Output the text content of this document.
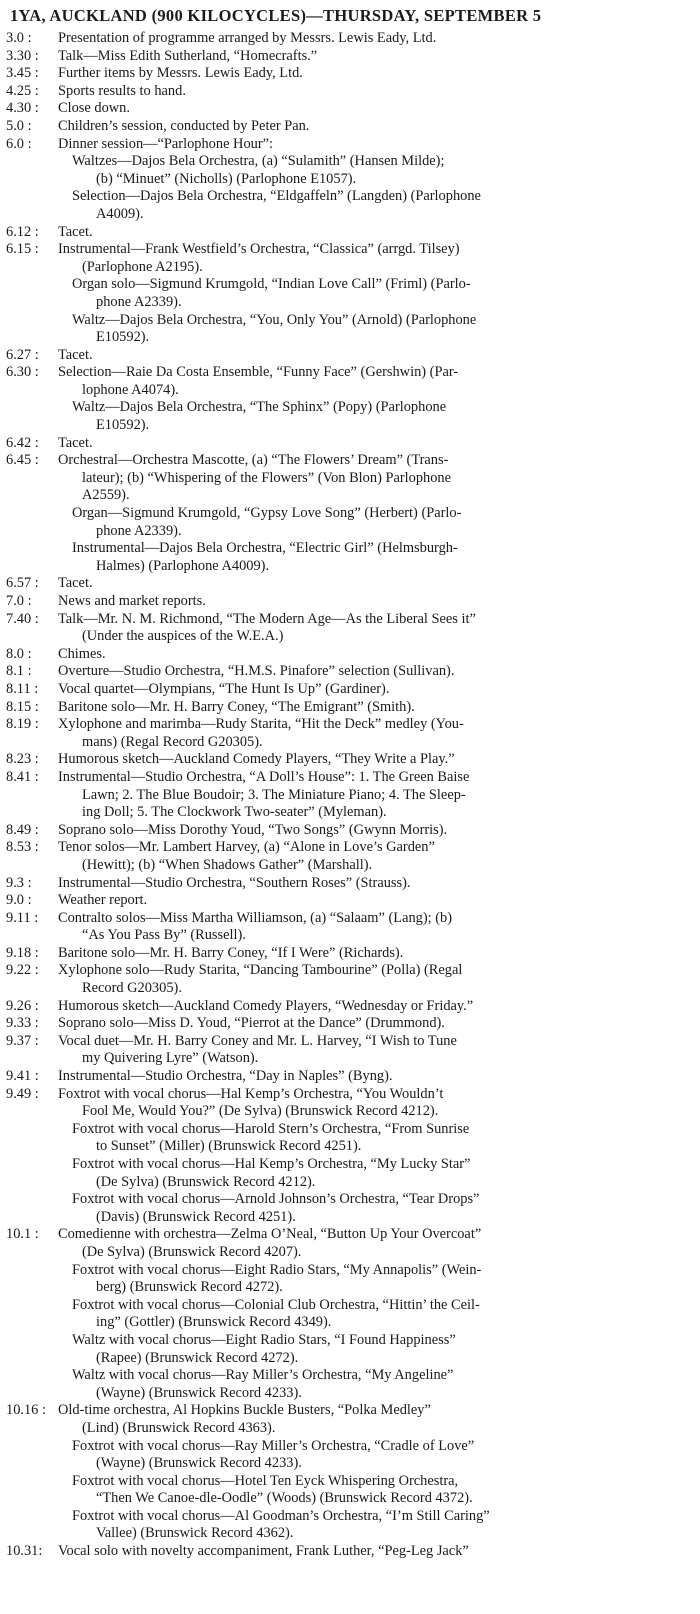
1YA, AUCKLAND (900 KILOCYCLES)—THURSDAY, SEPTEMBER 5
3.0 :	Presentation of programme arranged by Messrs. Lewis Eady, Ltd.
3.30 :	Talk—Miss Edith Sutherland, “Homecrafts.”
3.45 :	Further items by Messrs. Lewis Eady, Ltd.
4.25 :	Sports results to hand.
4.30 :	Close down.
5.0 :	Children’s session, conducted by Peter Pan.
6.0 :	Dinner session—“Parlophone Hour”:
Waltzes—Dajos Bela Orchestra, (a) “Sulamith” (Hansen Milde);
(b) “Minuet” (Nicholls) (Parlophone E1057).
Selection—Dajos Bela Orchestra, “Eldgaffeln” (Langden) (Parlophone
A4009).
6.12 :	Tacet.
6.15 :	Instrumental—Frank Westfield’s Orchestra, “Classica” (arrgd. Tilsey)
(Parlophone A2195).
Organ solo—Sigmund Krumgold, “Indian Love Call” (Friml) (Parlo-
phone A2339).
Waltz—Dajos Bela Orchestra, “You, Only You” (Arnold) (Parlophone
E10592).
6.27 :	Tacet.
6.30 :	Selection—Raie Da Costa Ensemble, “Funny Face” (Gershwin) (Par-
lophone A4074).
Waltz—Dajos Bela Orchestra, “The Sphinx” (Popy) (Parlophone
E10592).
6.42 :	Tacet.
6.45 :	Orchestral—Orchestra Mascotte, (a) “The Flowers’ Dream” (Trans-
lateur); (b) “Whispering of the Flowers” (Von Blon) Parlophone
A2559).
Organ—Sigmund Krumgold, “Gypsy Love Song” (Herbert) (Parlo-
phone A2339).
Instrumental—Dajos Bela Orchestra, “Electric Girl” (Helmsburgh-
Halmes) (Parlophone A4009).
6.57 :	Tacet.
7.0 :	News and market reports.
7.40 :	Talk—Mr. N. M. Richmond, “The Modern Age—As the Liberal Sees it”
(Under the auspices of the W.E.A.)
8.0 :	Chimes.
8.1 :	Overture—Studio Orchestra, “H.M.S. Pinafore” selection (Sullivan).
8.11 :	Vocal quartet—Olympians, “The Hunt Is Up” (Gardiner).
8.15 :	Baritone solo—Mr. H. Barry Coney, “The Emigrant” (Smith).
8.19 :	Xylophone and marimba—Rudy Starita, “Hit the Deck” medley (You-
mans) (Regal Record G20305).
8.23 :	Humorous sketch—Auckland Comedy Players, “They Write a Play.”
8.41 :	Instrumental—Studio Orchestra, “A Doll’s House”: 1. The Green Baise
Lawn; 2. The Blue Boudoir; 3. The Miniature Piano; 4. The Sleep-
ing Doll; 5. The Clockwork Two-seater” (Myleman).
8.49 :	Soprano solo—Miss Dorothy Youd, “Two Songs” (Gwynn Morris).
8.53 :	Tenor solos—Mr. Lambert Harvey, (a) “Alone in Love’s Garden”
(Hewitt); (b) “When Shadows Gather” (Marshall).
9.3 :	Instrumental—Studio Orchestra, “Southern Roses” (Strauss).
9.0 :	Weather report.
9.11 :	Contralto solos—Miss Martha Williamson, (a) “Salaam” (Lang); (b)
“As You Pass By” (Russell).
9.18 :	Baritone solo—Mr. H. Barry Coney, “If I Were” (Richards).
9.22 :	Xylophone solo—Rudy Starita, “Dancing Tambourine” (Polla) (Regal
Record G20305).
9.26 :	Humorous sketch—Auckland Comedy Players, “Wednesday or Friday.”
9.33 :	Soprano solo—Miss D. Youd, “Pierrot at the Dance” (Drummond).
9.37 :	Vocal duet—Mr. H. Barry Coney and Mr. L. Harvey, “I Wish to Tune
my Quivering Lyre” (Watson).
9.41 :	Instrumental—Studio Orchestra, “Day in Naples” (Byng).
9.49 :	Foxtrot with vocal chorus—Hal Kemp’s Orchestra, “You Wouldn’t
Fool Me, Would You?” (De Sylva) (Brunswick Record 4212).
Foxtrot with vocal chorus—Harold Stern’s Orchestra, “From Sunrise
to Sunset” (Miller) (Brunswick Record 4251).
Foxtrot with vocal chorus—Hal Kemp’s Orchestra, “My Lucky Star”
(De Sylva) (Brunswick Record 4212).
Foxtrot with vocal chorus—Arnold Johnson’s Orchestra, “Tear Drops”
(Davis) (Brunswick Record 4251).
10.1 :	Comedienne with orchestra—Zelma O’Neal, “Button Up Your Overcoat”
(De Sylva) (Brunswick Record 4207).
Foxtrot with vocal chorus—Eight Radio Stars, “My Annapolis” (Wein-
berg) (Brunswick Record 4272).
Foxtrot with vocal chorus—Colonial Club Orchestra, “Hittin’ the Ceil-
ing” (Gottler) (Brunswick Record 4349).
Waltz with vocal chorus—Eight Radio Stars, “I Found Happiness”
(Rapee) (Brunswick Record 4272).
Waltz with vocal chorus—Ray Miller’s Orchestra, “My Angeline”
(Wayne) (Brunswick Record 4233).
10.16 : Old-time orchestra, Al Hopkins Buckle Busters, “Polka Medley”
(Lind) (Brunswick Record 4363).
Foxtrot with vocal chorus—Ray Miller’s Orchestra, “Cradle of Love”
(Wayne) (Brunswick Record 4233).
Foxtrot with vocal chorus—Hotel Ten Eyck Whispering Orchestra,
“Then We Canoe-dle-Oodle” (Woods) (Brunswick Record 4372).
Foxtrot with vocal chorus—Al Goodman’s Orchestra, “I’m Still Caring”
Vallee) (Brunswick Record 4362).
10.31:	Vocal solo with novelty accompaniment, Frank Luther, “Peg-Leg Jack”
